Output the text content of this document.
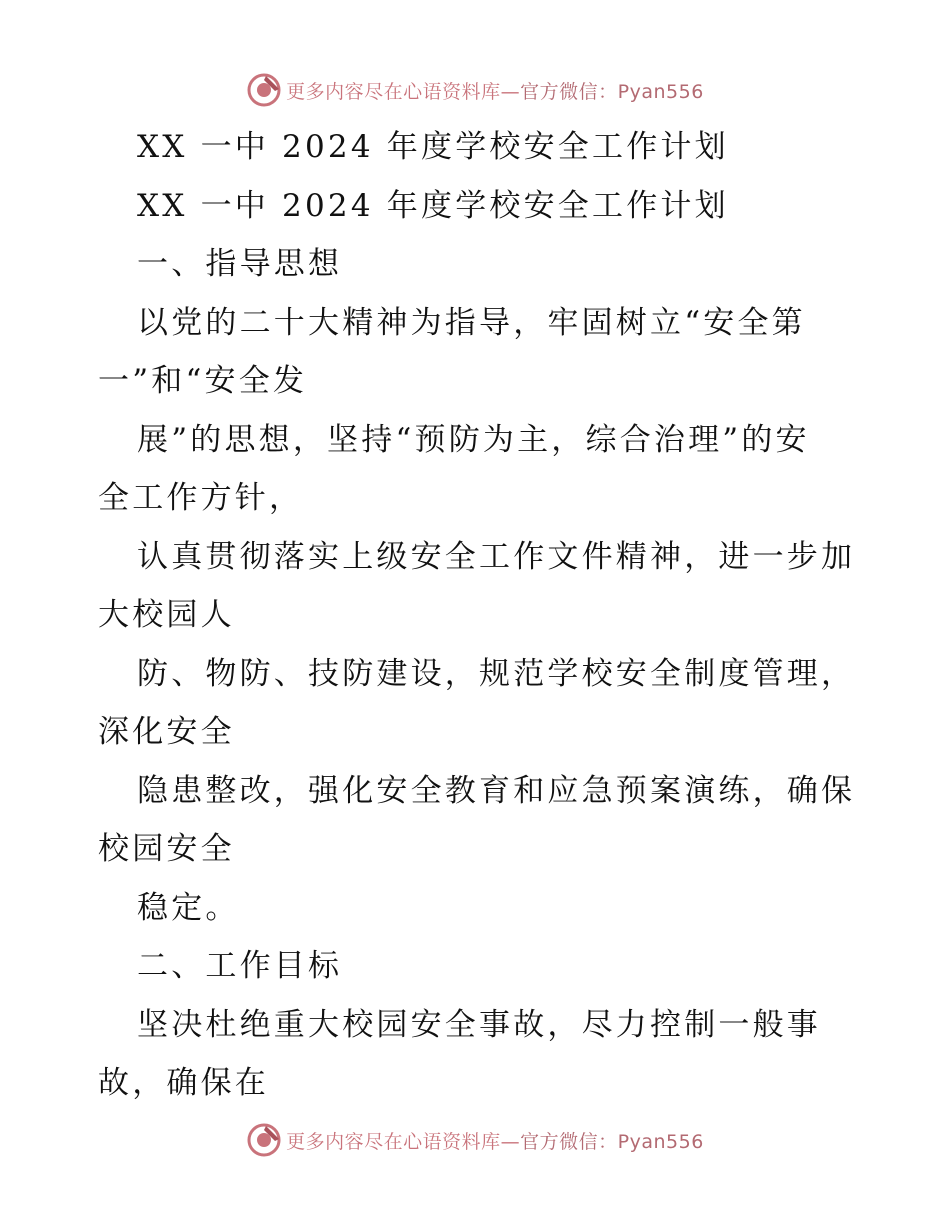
更多内容尽在心语资料库—官方微信：Pyan556
XX 一中 2024 年度学校安全工作计划
XX 一中 2024 年度学校安全工作计划
一、指导思想
以党的二十大精神为指导，牢固树立“安全第
一”和“安全发
展”的思想，坚持“预防为主，综合治理”的安
全工作方针，
认真贯彻落实上级安全工作文件精神，进一步加
大校园人
防、物防、技防建设，规范学校安全制度管理，
深化安全
隐患整改，强化安全教育和应急预案演练，确保
校园安全
稳定。
二、工作目标
坚决杜绝重大校园安全事故，尽力控制一般事
故，确保在
更多内容尽在心语资料库—官方微信：Pyan556
